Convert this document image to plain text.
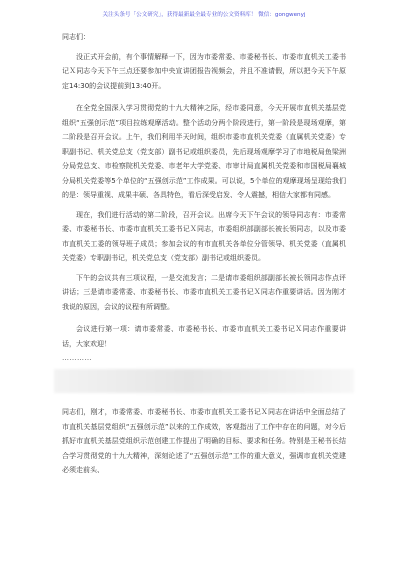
关注头条号「公文研究」，获得最新最全最专业的公文资料库！ 微信：gongwenyj

同志们：

没正式开会前，有个事情解释一下，因为市委常委、市委秘书长、市委市直机关工委书记Ｘ同志今天下午三点还要参加中央宣讲团报告视频会，并且不准请假，所以把今天下午原定14:30的会议提前到13:40开。

在全党全国深入学习贯彻党的十九大精神之际，经市委同意，今天开展市直机关基层党组织“五强创示范”项目拉练观摩活动。整个活动分两个阶段进行，第一阶段是现场观摩，第二阶段是召开会议。上午，我们利用半天时间，组织市委市直机关党委（直属机关党委）专职副书记、机关党总支（党支部）副书记或组织委员，先后现场观摩学习了市地税局鱼梁洲分局党总支、市检察院机关党委、市老年大学党委、市审计局直属机关党委和市国税局襄城分局机关党委等5个单位的“五强创示范”工作成果。可以说，5个单位的观摩现场呈现给我们的是：领导重视、成果丰硕、各具特色，看后深受启发、令人震撼，相信大家都有同感。

现在，我们进行活动的第二阶段，召开会议。出席今天下午会议的领导同志有：市委常委、市委秘书长、市委市直机关工委书记Ｘ同志，市委组织部副部长被长领同志，以及市委市直机关工委的领导班子成员；参加会议的有市直机关各单位分管领导、机关党委（直属机关党委）专职副书记，机关党总支（党支部）副书记或组织委员。

下午的会议共有三项议程，一是交流发言；二是请市委组织部副部长被长领同志作点评讲话；三是请市委常委、市委秘书长、市委市直机关工委书记Ｘ同志作重要讲话。因为刚才我说的原因，会议的议程有所调整。

会议进行第一项：请市委常委、市委秘书长、市委市直机关工委书记Ｘ同志作重要讲话，大家欢迎！

…………

同志们，刚才，市委常委、市委秘书长、市委市直机关工委书记Ｘ同志在讲话中全面总结了市直机关基层党组织“五强创示范”以来的工作成效，客观指出了工作中存在的问题，对今后抓好市直机关基层党组织示范创建工作提出了明确的目标、要求和任务。特别是王秘书长结合学习贯彻党的十九大精神，深刻论述了“五强创示范”工作的重大意义，强调市直机关党建必须走前头、
